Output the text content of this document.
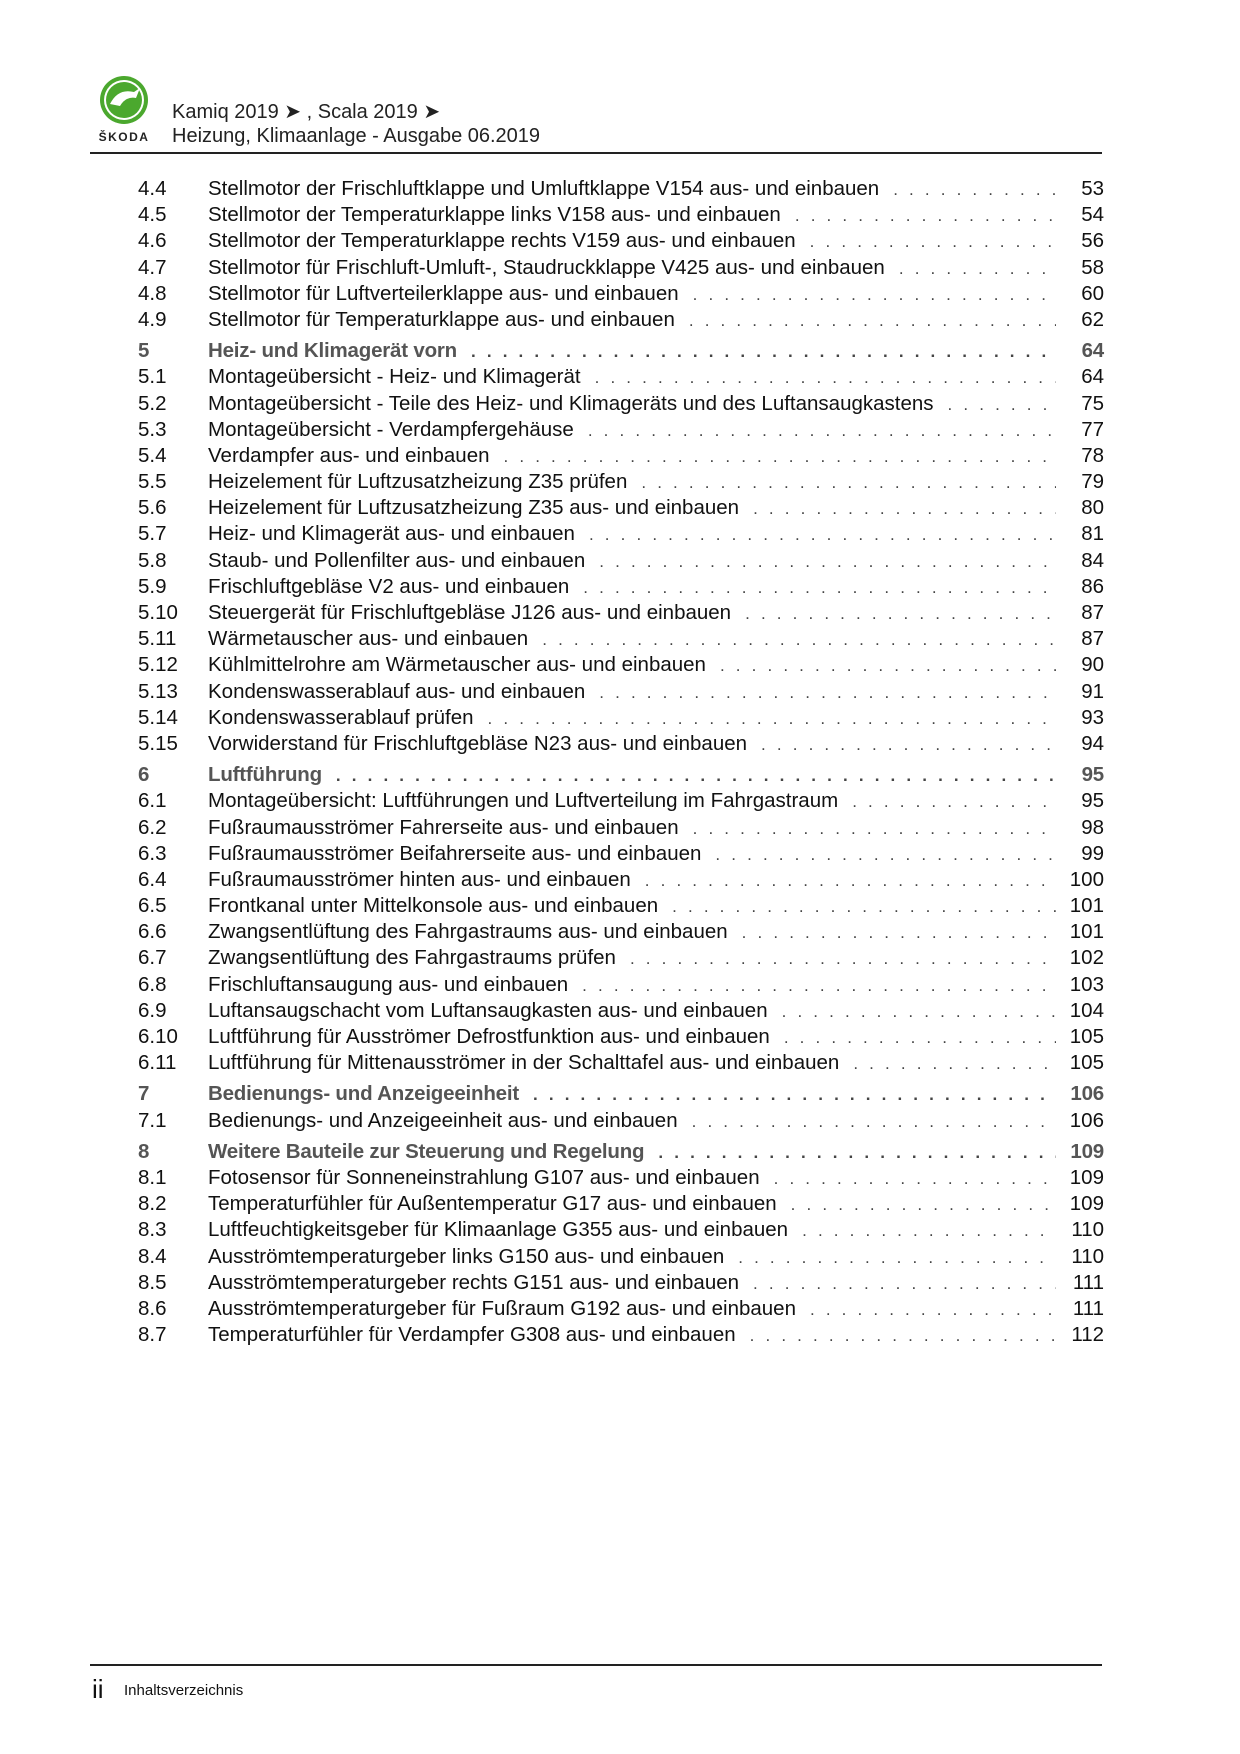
ŠKODA
Kamiq 2019 ➤ , Scala 2019 ➤
Heizung, Klimaanlage - Ausgabe 06.2019
4.4	Stellmotor der Frischluftklappe und Umluftklappe V154 aus- und einbauen . . .	53
4.5	Stellmotor der Temperaturklappe links V158 aus- und einbauen . . .	54
4.6	Stellmotor der Temperaturklappe rechts V159 aus- und einbauen . . .	56
4.7	Stellmotor für Frischluft-Umluft-, Staudruckklappe V425 aus- und einbauen . . .	58
4.8	Stellmotor für Luftverteilerklappe aus- und einbauen . . .	60
4.9	Stellmotor für Temperaturklappe aus- und einbauen . . .	62
5	Heiz- und Klimagerät vorn . . .	64
5.1	Montageübersicht - Heiz- und Klimagerät . . .	64
5.2	Montageübersicht - Teile des Heiz- und Klimageräts und des Luftansaugkastens . . .	75
5.3	Montageübersicht - Verdampfergehäuse . . .	77
5.4	Verdampfer aus- und einbauen . . .	78
5.5	Heizelement für Luftzusatzheizung Z35 prüfen . . .	79
5.6	Heizelement für Luftzusatzheizung Z35 aus- und einbauen . . .	80
5.7	Heiz- und Klimagerät aus- und einbauen . . .	81
5.8	Staub- und Pollenfilter aus- und einbauen . . .	84
5.9	Frischluftgebläse V2 aus- und einbauen . . .	86
5.10	Steuergerät für Frischluftgebläse J126 aus- und einbauen . . .	87
5.11	Wärmetauscher aus- und einbauen . . .	87
5.12	Kühlmittelrohre am Wärmetauscher aus- und einbauen . . .	90
5.13	Kondenswasserablauf aus- und einbauen . . .	91
5.14	Kondenswasserablauf prüfen . . .	93
5.15	Vorwiderstand für Frischluftgebläse N23 aus- und einbauen . . .	94
6	Luftführung . . .	95
6.1	Montageübersicht: Luftführungen und Luftverteilung im Fahrgastraum . . .	95
6.2	Fußraumausströmer Fahrerseite aus- und einbauen . . .	98
6.3	Fußraumausströmer Beifahrerseite aus- und einbauen . . .	99
6.4	Fußraumausströmer hinten aus- und einbauen . . .	100
6.5	Frontkanal unter Mittelkonsole aus- und einbauen . . .	101
6.6	Zwangsentlüftung des Fahrgastraums aus- und einbauen . . .	101
6.7	Zwangsentlüftung des Fahrgastraums prüfen . . .	102
6.8	Frischluftansaugung aus- und einbauen . . .	103
6.9	Luftansaugschacht vom Luftansaugkasten aus- und einbauen . . .	104
6.10	Luftführung für Ausströmer Defrostfunktion aus- und einbauen . . .	105
6.11	Luftführung für Mittenausströmer in der Schalttafel aus- und einbauen . . .	105
7	Bedienungs- und Anzeigeeinheit . . .	106
7.1	Bedienungs- und Anzeigeeinheit aus- und einbauen . . .	106
8	Weitere Bauteile zur Steuerung und Regelung . . .	109
8.1	Fotosensor für Sonneneinstrahlung G107 aus- und einbauen . . .	109
8.2	Temperaturfühler für Außentemperatur G17 aus- und einbauen . . .	109
8.3	Luftfeuchtigkeitsgeber für Klimaanlage G355 aus- und einbauen . . .	110
8.4	Ausströmtemperaturgeber links G150 aus- und einbauen . . .	110
8.5	Ausströmtemperaturgeber rechts G151 aus- und einbauen . . .	111
8.6	Ausströmtemperaturgeber für Fußraum G192 aus- und einbauen . . .	111
8.7	Temperaturfühler für Verdampfer G308 aus- und einbauen . . .	112
ii Inhaltsverzeichnis
